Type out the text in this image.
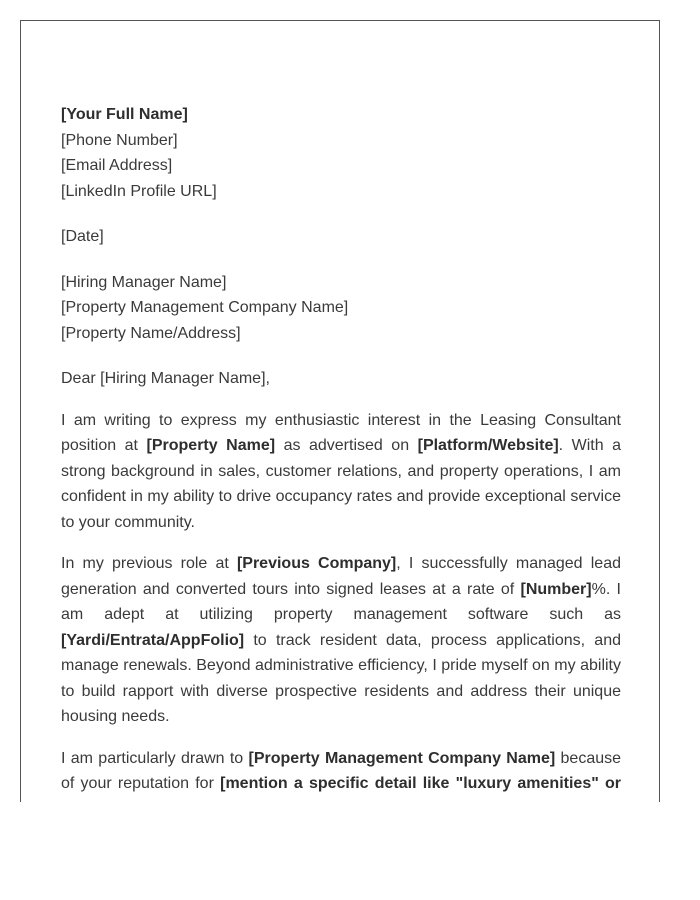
[Your Full Name]
[Phone Number]
[Email Address]
[LinkedIn Profile URL]
[Date]
[Hiring Manager Name]
[Property Management Company Name]
[Property Name/Address]

Dear [Hiring Manager Name],

I am writing to express my enthusiastic interest in the Leasing Consultant position at [Property Name] as advertised on [Platform/Website]. With a strong background in sales, customer relations, and property operations, I am confident in my ability to drive occupancy rates and provide exceptional service to your community.

In my previous role at [Previous Company], I successfully managed lead generation and converted tours into signed leases at a rate of [Number]%. I am adept at utilizing property management software such as [Yardi/Entrata/AppFolio] to track resident data, process applications, and manage renewals. Beyond administrative efficiency, I pride myself on my ability to build rapport with diverse prospective residents and address their unique housing needs.

I am particularly drawn to [Property Management Company Name] because of your reputation for [mention a specific detail like "luxury amenities" or
